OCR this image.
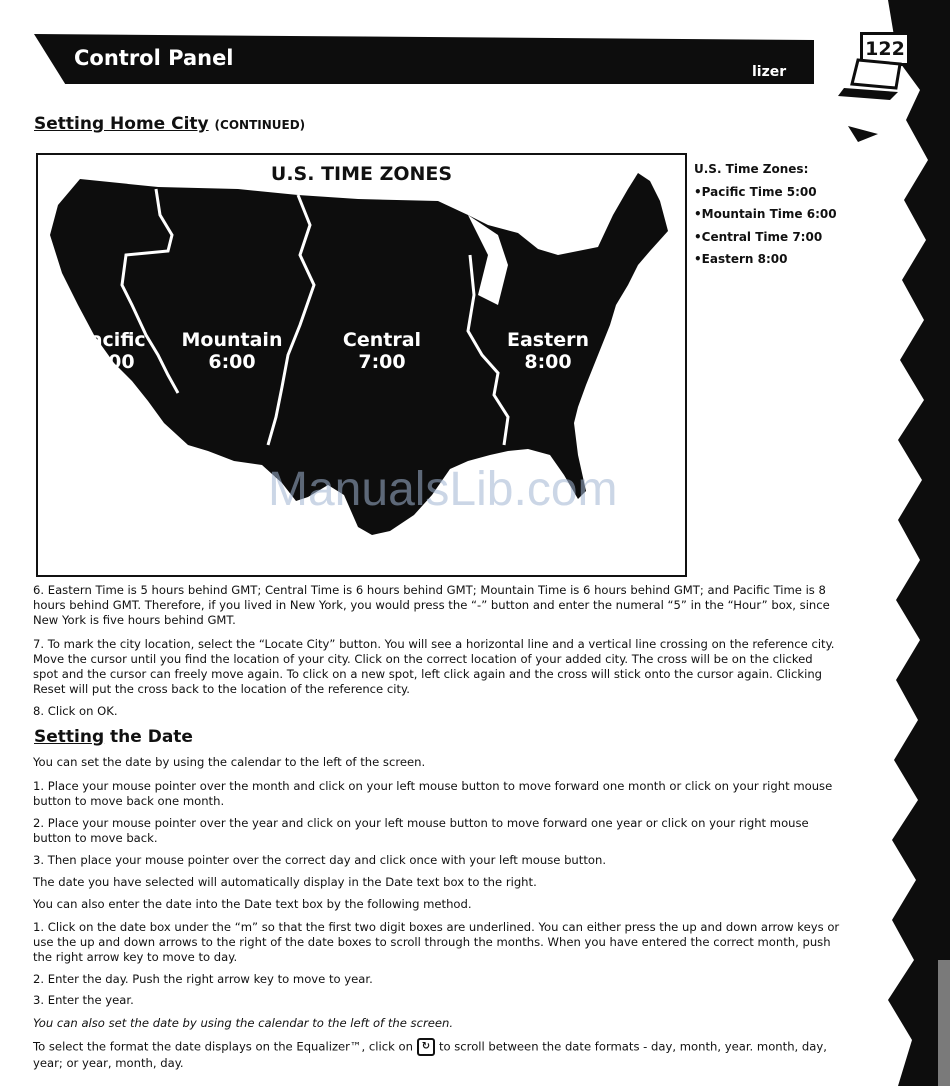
Control Panel
lizer
122
Setting Home City (CONTINUED)
U.S. TIME ZONES
Pacific
5:00
Mountain
6:00
Central
7:00
Eastern
8:00
U.S. Time Zones:
•Pacific Time 5:00
•Mountain Time 6:00
•Central Time 7:00
•Eastern 8:00
ManualsLib.com
6. Eastern Time is 5 hours behind GMT; Central Time is 6 hours behind GMT; Mountain Time is 6 hours behind GMT; and Pacific Time is 8 hours behind GMT. Therefore, if you lived in New York, you would press the “-” button and enter the numeral “5” in the “Hour” box, since New York is five hours behind GMT.
7. To mark the city location, select the “Locate City” button. You will see a horizontal line and a vertical line crossing on the reference city. Move the cursor until you find the location of your city. Click on the correct location of your added city. The cross will be on the clicked spot and the cursor can freely move again. To click on a new spot, left click again and the cross will stick onto the cursor again. Clicking Reset will put the cross back to the location of the reference city.
8. Click on OK.
Setting the Date
You can set the date by using the calendar to the left of the screen.
1. Place your mouse pointer over the month and click on your left mouse button to move forward one month or click on your right mouse button to move back one month.
2. Place your mouse pointer over the year and click on your left mouse button to move forward one year or click on your right mouse button to move back.
3. Then place your mouse pointer over the correct day and click once with your left mouse button.
The date you have selected will automatically display in the Date text box to the right.
You can also enter the date into the Date text box by the following method.
1. Click on the date box under the “m” so that the first two digit boxes are underlined. You can either press the up and down arrow keys or use the up and down arrows to the right of the date boxes to scroll through the months. When you have entered the correct month, push the right arrow key to move to day.
2. Enter the day. Push the right arrow key to move to year.
3. Enter the year.
You can also set the date by using the calendar to the left of the screen.
To select the format the date displays on the Equalizer™, click on ↻ to scroll between the date formats - day, month, year. month, day, year; or year, month, day.
